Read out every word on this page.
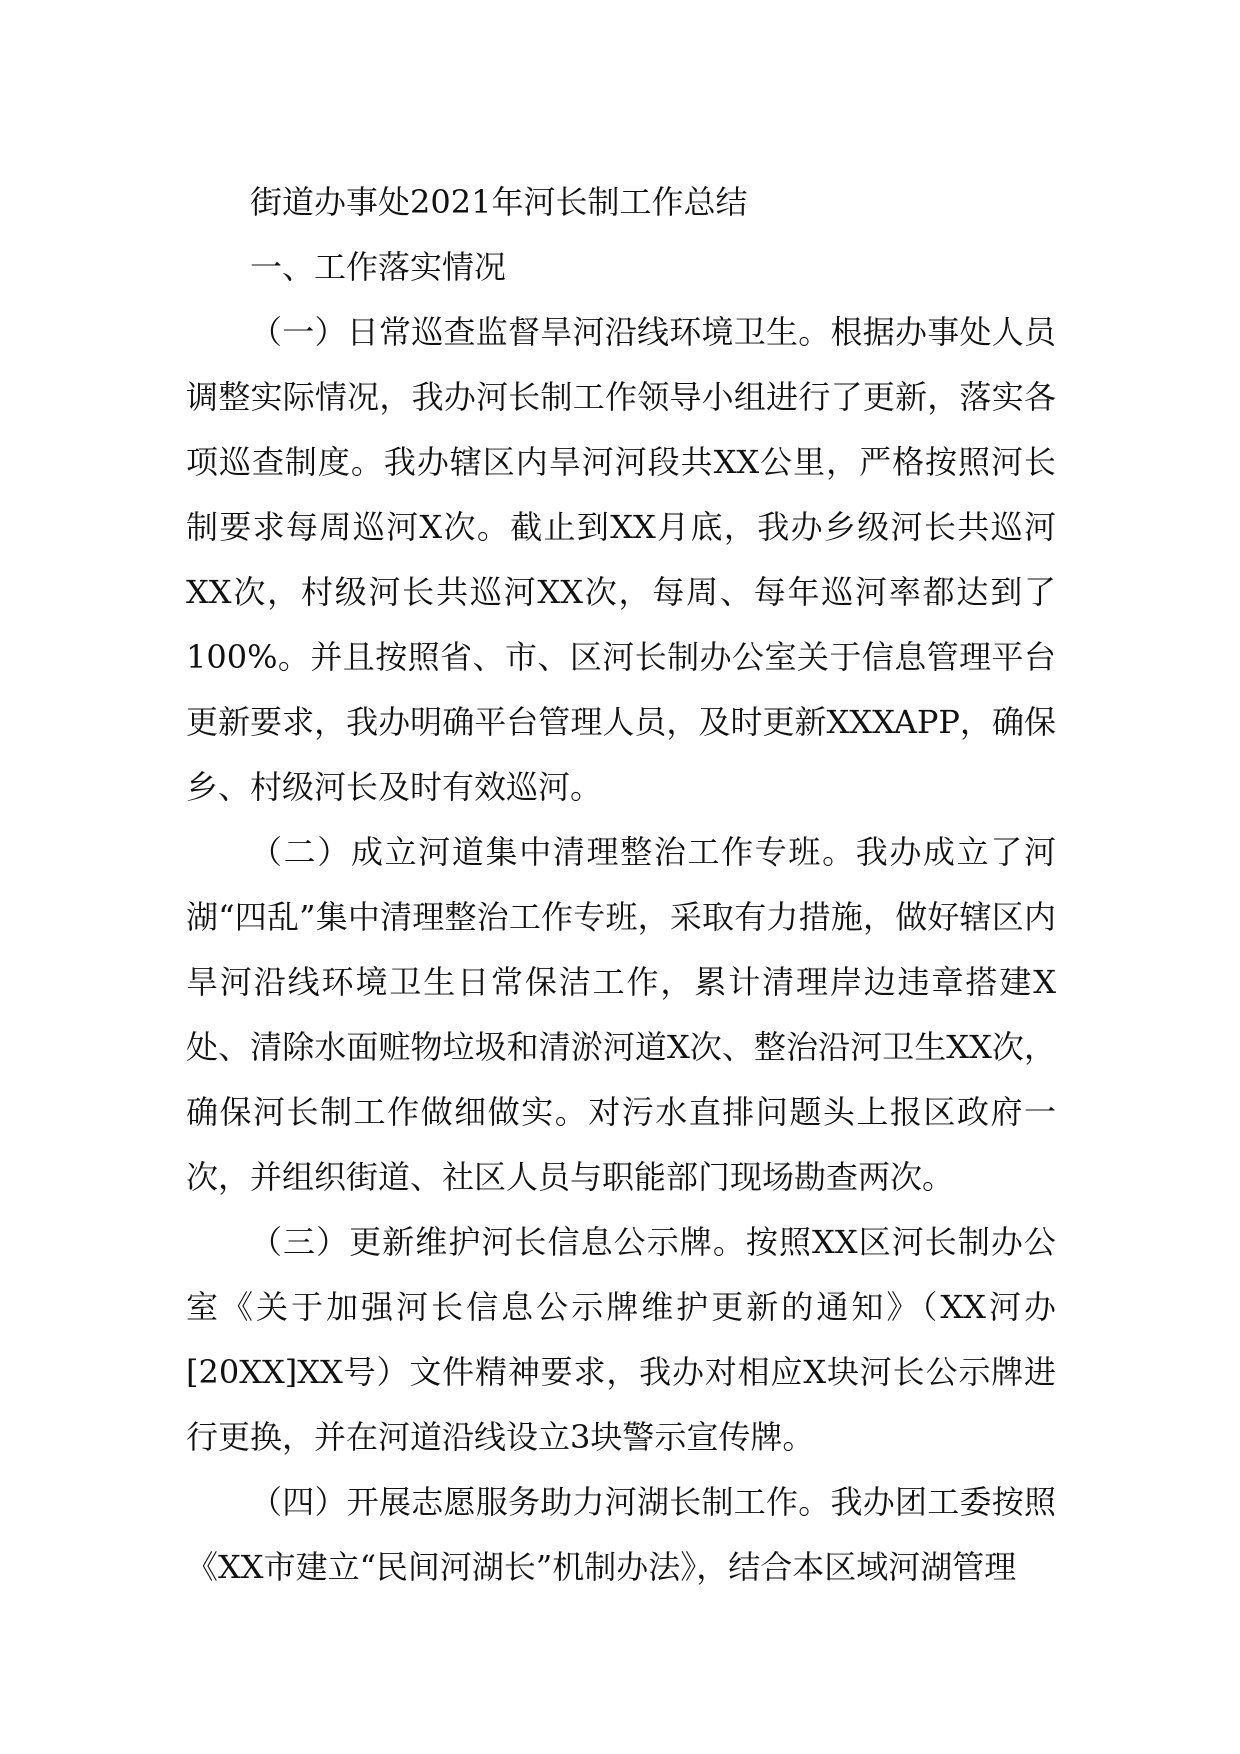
街道办事处2021年河长制工作总结

一、工作落实情况

（一）日常巡查监督旱河沿线环境卫生。根据办事处人员调整实际情况，我办河长制工作领导小组进行了更新，落实各项巡查制度。我办辖区内旱河河段共XX公里，严格按照河长制要求每周巡河X次。截止到XX月底，我办乡级河长共巡河XX次，村级河长共巡河XX次，每周、每年巡河率都达到了100%。并且按照省、市、区河长制办公室关于信息管理平台更新要求，我办明确平台管理人员，及时更新XXXAPP，确保乡、村级河长及时有效巡河。

（二）成立河道集中清理整治工作专班。我办成立了河湖“四乱”集中清理整治工作专班，采取有力措施，做好辖区内旱河沿线环境卫生日常保洁工作，累计清理岸边违章搭建X处、清除水面赃物垃圾和清淤河道X次、整治沿河卫生XX次，确保河长制工作做细做实。对污水直排问题头上报区政府一次，并组织街道、社区人员与职能部门现场勘查两次。

（三）更新维护河长信息公示牌。按照XX区河长制办公室《关于加强河长信息公示牌维护更新的通知》（XX河办[20XX]XX号）文件精神要求，我办对相应X块河长公示牌进行更换，并在河道沿线设立3块警示宣传牌。

（四）开展志愿服务助力河湖长制工作。我办团工委按照《XX市建立“民间河湖长”机制办法》，结合本区域河湖管理
